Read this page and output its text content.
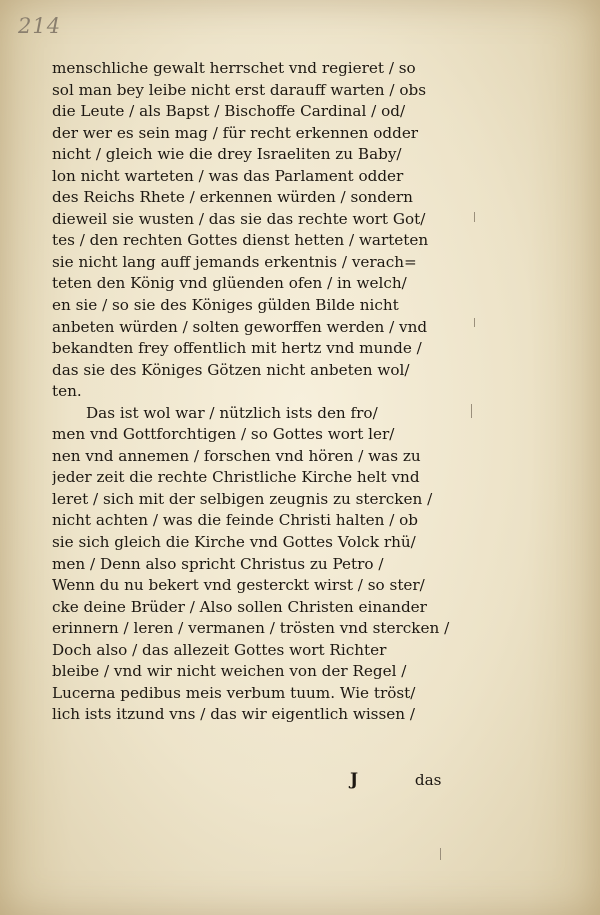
214
menschliche gewalt herrschet vnd regieret / so
sol man bey leibe nicht erst darauff warten / obs
die Leute / als Bapst / Bischoffe Cardinal / od/
der wer es sein mag / für recht erkennen odder
nicht / gleich wie die drey Israeliten zu Baby/
lon nicht warteten / was das Parlament odder
des Reichs Rhete / erkennen würden / sondern
dieweil sie wusten / das sie das rechte wort Got/
tes / den rechten Gottes dienst hetten / warteten
sie nicht lang auff jemands erkentnis / verach=
teten den König vnd glüenden ofen / in welch/
en sie / so sie des Königes gülden Bilde nicht
anbeten würden / solten geworffen werden / vnd
bekandten frey offentlich mit hertz vnd munde /
das sie des Königes Götzen nicht anbeten wol/
ten.
Das ist wol war / nützlich ists den fro/
men vnd Gottforchtigen / so Gottes wort ler/
nen vnd annemen / forschen vnd hören / was zu
jeder zeit die rechte Christliche Kirche helt vnd
leret / sich mit der selbigen zeugnis zu stercken /
nicht achten / was die feinde Christi halten / ob
sie sich gleich die Kirche vnd Gottes Volck rhü/
men / Denn also spricht Christus zu Petro /
Wenn du nu bekert vnd gesterckt wirst / so ster/
cke deine Brüder / Also sollen Christen einander
erinnern / leren / vermanen / trösten vnd stercken /
Doch also / das allezeit Gottes wort Richter
bleibe / vnd wir nicht weichen von der Regel /
Lucerna pedibus meis verbum tuum. Wie tröst/
lich ists itzund vns / das wir eigentlich wissen /
J	das
